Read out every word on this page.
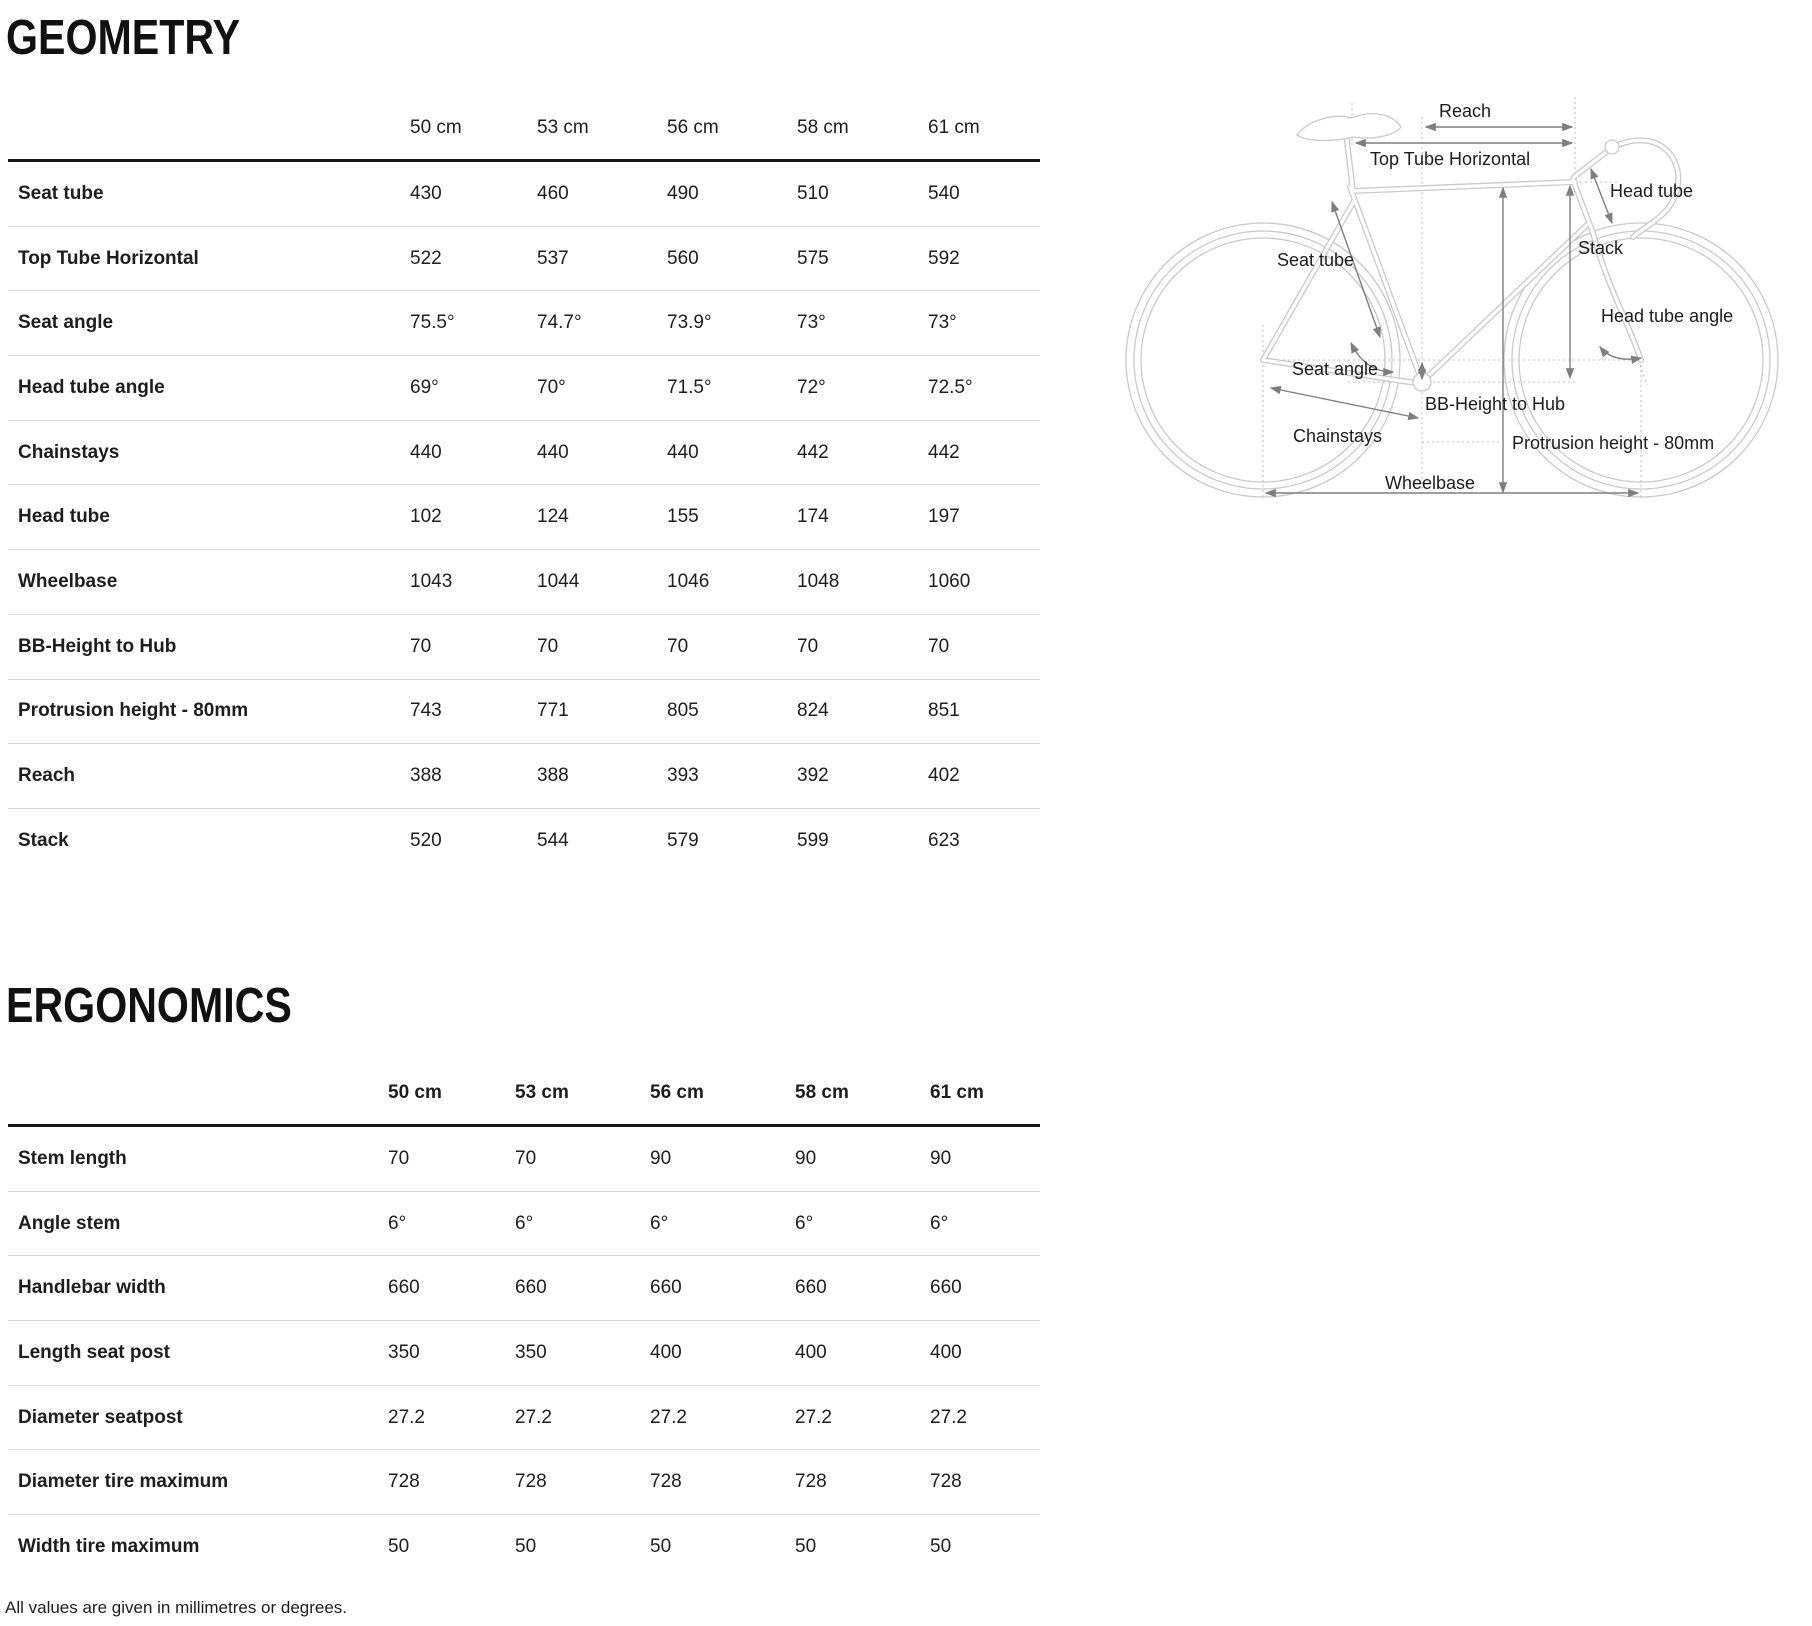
GEOMETRY
50 cm	53 cm	56 cm	58 cm	61 cm
Seat tube	430	460	490	510	540
Top Tube Horizontal	522	537	560	575	592
Seat angle	75.5°	74.7°	73.9°	73°	73°
Head tube angle	69°	70°	71.5°	72°	72.5°
Chainstays	440	440	440	442	442
Head tube	102	124	155	174	197
Wheelbase	1043	1044	1046	1048	1060
BB-Height to Hub	70	70	70	70	70
Protrusion height - 80mm	743	771	805	824	851
Reach	388	388	393	392	402
Stack	520	544	579	599	623
ERGONOMICS
50 cm	53 cm	56 cm	58 cm	61 cm
Stem length	70	70	90	90	90
Angle stem	6°	6°	6°	6°	6°
Handlebar width	660	660	660	660	660
Length seat post	350	350	400	400	400
Diameter seatpost	27.2	27.2	27.2	27.2	27.2
Diameter tire maximum	728	728	728	728	728
Width tire maximum	50	50	50	50	50
All values are given in millimetres or degrees.
Reach
Top Tube Horizontal
Head tube
Stack
Head tube angle
Seat tube
Seat angle
BB-Height to Hub
Chainstays	Protrusion height - 80mm
Wheelbase
